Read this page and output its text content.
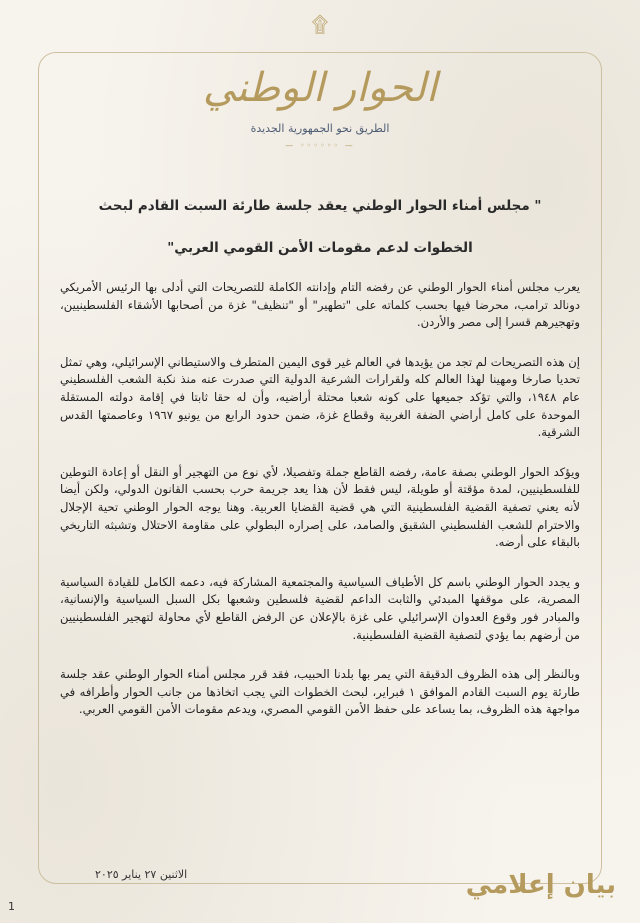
۩
الحوار الوطني
الطريق نحو الجمهورية الجديدة
— ◦◦◦◦◦◦ —
" مجلس أمناء الحوار الوطني يعقد جلسة طارئة السبت القادم لبحث
الخطوات لدعم مقومات الأمن القومي العربي"

يعرب مجلس أمناء الحوار الوطني عن رفضه التام وإدانته الكاملة للتصريحات التي أدلى بها الرئيس الأمريكي دونالد ترامب، محرضا فيها بحسب كلماته على "تطهير" أو "تنظيف" غزة من أصحابها الأشقاء الفلسطينيين، وتهجيرهم قسرا إلى مصر والأردن.

إن هذه التصريحات لم تجد من يؤيدها في العالم غير قوى اليمين المتطرف والاستيطاني الإسرائيلي، وهي تمثل تحديا صارخا ومهينا لهذا العالم كله ولقرارات الشرعية الدولية التي صدرت عنه منذ نكبة الشعب الفلسطيني عام ١٩٤٨، والتي تؤكد جميعها على كونه شعبا محتلة أراضيه، وأن له حقا ثابتا في إقامة دولته المستقلة الموحدة على كامل أراضي الضفة الغربية وقطاع غزة، ضمن حدود الرابع من يونيو ١٩٦٧ وعاصمتها القدس الشرقية.

ويؤكد الحوار الوطني بصفة عامة، رفضه القاطع جملة وتفصيلا، لأي نوع من التهجير أو النقل أو إعادة التوطين للفلسطينيين، لمدة مؤقتة أو طويلة، ليس فقط لأن هذا يعد جريمة حرب بحسب القانون الدولي، ولكن أيضا لأنه يعني تصفية القضية الفلسطينية التي هي قضية القضايا العربية. وهنا يوجه الحوار الوطني تحية الإجلال والاحترام للشعب الفلسطيني الشقيق والصامد، على إصراره البطولي على مقاومة الاحتلال وتشبثه التاريخي بالبقاء على أرضه.

و يجدد الحوار الوطني باسم كل الأطياف السياسية والمجتمعية المشاركة فيه، دعمه الكامل للقيادة السياسية المصرية، على موقفها المبدئي والثابت الداعم لقضية فلسطين وشعبها بكل السبل السياسية والإنسانية، والمبادر فور وقوع العدوان الإسرائيلي على غزة بالإعلان عن الرفض القاطع لأي محاولة لتهجير الفلسطينيين من أرضهم بما يؤدي لتصفية القضية الفلسطينية.

وبالنظر إلى هذه الظروف الدقيقة التي يمر بها بلدنا الحبيب، فقد قرر مجلس أمناء الحوار الوطني عقد جلسة طارئة يوم السبت القادم الموافق ١ فبراير، لبحث الخطوات التي يجب اتخاذها من جانب الحوار وأطرافه في مواجهة هذه الظروف، بما يساعد على حفظ الأمن القومي المصري، ويدعم مقومات الأمن القومي العربي.

الاثنين ٢٧ يناير ٢٠٢٥	بيان إعلامي
1
